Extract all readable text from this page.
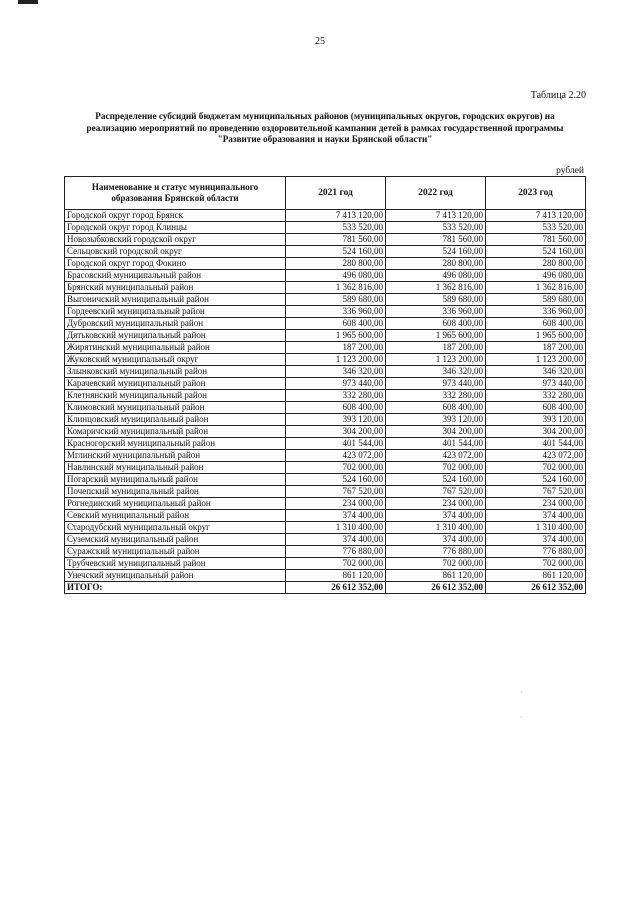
25
Таблица 2.20
Распределение субсидий бюджетам муниципальных районов (муниципальных округов, городских округов) на
реализацию мероприятий по проведению оздоровительной кампании детей в рамках государственной программы
"Развитие образования и науки Брянской области"
рублей
Наименование и статус муниципального образования Брянской области	2021 год	2022 год	2023 год
Городской округ город Брянск	7 413 120,00	7 413 120,00	7 413 120,00
Городской округ город Клинцы	533 520,00	533 520,00	533 520,00
Новозыбковский городской округ	781 560,00	781 560,00	781 560,00
Сельцовский городской округ	524 160,00	524 160,00	524 160,00
Городской округ город Фокино	280 800,00	280 800,00	280 800,00
Брасовский муниципальный район	496 080,00	496 080,00	496 080,00
Брянский муниципальный район	1 362 816,00	1 362 816,00	1 362 816,00
Выгоничский муниципальный район	589 680,00	589 680,00	589 680,00
Гордеевский муниципальный район	336 960,00	336 960,00	336 960,00
Дубровский муниципальный район	608 400,00	608 400,00	608 400,00
Дятьковский муниципальный район	1 965 600,00	1 965 600,00	1 965 600,00
Жирятинский муниципальный район	187 200,00	187 200,00	187 200,00
Жуковский муниципальный округ	1 123 200,00	1 123 200,00	1 123 200,00
Злынковский муниципальный район	346 320,00	346 320,00	346 320,00
Карачевский муниципальный район	973 440,00	973 440,00	973 440,00
Клетнянский муниципальный район	332 280,00	332 280,00	332 280,00
Климовский муниципальный район	608 400,00	608 400,00	608 400,00
Клинцовский муниципальный район	393 120,00	393 120,00	393 120,00
Комаричский муниципальный район	304 200,00	304 200,00	304 200,00
Красногорский муниципальный район	401 544,00	401 544,00	401 544,00
Мглинский муниципальный район	423 072,00	423 072,00	423 072,00
Навлинский муниципальный район	702 000,00	702 000,00	702 000,00
Погарский муниципальный район	524 160,00	524 160,00	524 160,00
Почепский муниципальный район	767 520,00	767 520,00	767 520,00
Рогнединский муниципальный район	234 000,00	234 000,00	234 000,00
Севский муниципальный район	374 400,00	374 400,00	374 400,00
Стародубский муниципальный округ	1 310 400,00	1 310 400,00	1 310 400,00
Суземский муниципальный район	374 400,00	374 400,00	374 400,00
Суражский муниципальный район	776 880,00	776 880,00	776 880,00
Трубчевский муниципальный район	702 000,00	702 000,00	702 000,00
Унечский муниципальный район	861 120,00	861 120,00	861 120,00
ИТОГО:	26 612 352,00	26 612 352,00	26 612 352,00
·
·
